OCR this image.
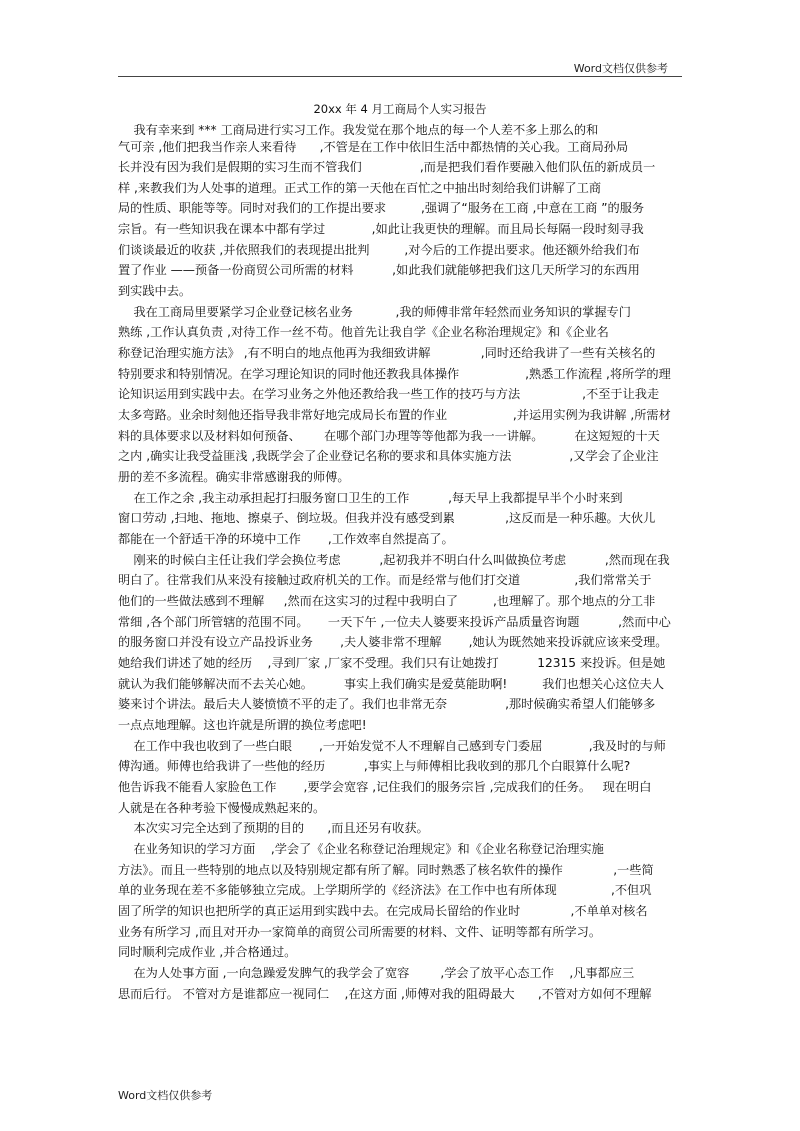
Word文档仅供参考
20xx 年 4 月工商局个人实习报告
我有幸来到 *** 工商局进行实习工作。我发觉在那个地点的每一个人差不多上那么的和
气可亲 ,他们把我当作亲人来看待      ,不管是在工作中依旧生活中都热情的关心我。工商局孙局
长并没有因为我们是假期的实习生而不管我们               ,而是把我们看作要融入他们队伍的新成员一
样 ,来教我们为人处事的道理。正式工作的第一天他在百忙之中抽出时刻给我们讲解了工商
局的性质、职能等等。同时对我们的工作提出要求         ,强调了“服务在工商 ,中意在工商 ”的服务
宗旨。有一些知识我在课本中都有学过            ,如此让我更快的理解。而且局长每隔一段时刻寻我
们谈谈最近的收获 ,并依照我们的表现提出批判         ,对今后的工作提出要求。他还额外给我们布
置了作业 ——预备一份商贸公司所需的材料          ,如此我们就能够把我们这几天所学习的东西用
到实践中去。
我在工商局里要紧学习企业登记核名业务           ,我的师傅非常年轻然而业务知识的掌握专门
熟练 ,工作认真负责 ,对待工作一丝不苟。他首先让我自学《企业名称治理规定》和《企业名
称登记治理实施方法》 ,有不明白的地点他再为我细致讲解             ,同时还给我讲了一些有关核名的
特别要求和特别情况。在学习理论知识的同时他还教我具体操作                 ,熟悉工作流程 ,将所学的理
论知识运用到实践中去。在学习业务之外他还教给我一些工作的技巧与方法                ,不至于让我走
太多弯路。业余时刻他还指导我非常好地完成局长布置的作业                 ,并运用实例为我讲解 ,所需材
料的具体要求以及材料如何预备、      在哪个部门办理等等他都为我一一讲解。        在这短短的十天
之内 ,确实让我受益匪浅 ,我既学会了企业登记名称的要求和具体实施方法               ,又学会了企业注
册的差不多流程。确实非常感谢我的师傅。
在工作之余 ,我主动承担起打扫服务窗口卫生的工作          ,每天早上我都提早半个小时来到
窗口劳动 ,扫地、拖地、擦桌子、倒垃圾。但我并没有感受到累             ,这反而是一种乐趣。大伙儿
都能在一个舒适干净的环境中工作       ,工作效率自然提高了。
刚来的时候白主任让我们学会换位考虑          ,起初我并不明白什么叫做换位考虑          ,然而现在我
明白了。往常我们从来没有接触过政府机关的工作。而是经常与他们打交道              ,我们常常关于
他们的一些做法感到不理解     ,然而在这实习的过程中我明白了         ,也理解了。那个地点的分工非
常细 ,各个部门所管辖的范围不同。     一天下午 ,一位夫人婆要来投诉产品质量咨询题          ,然而中心
的服务窗口并没有设立产品投诉业务       ,夫人婆非常不理解       ,她认为既然她来投诉就应该来受理。
她给我们讲述了她的经历    ,寻到厂家 ,厂家不受理。我们只有让她拨打          12315 来投诉。但是她
就认为我们能够解决而不去关心她。        事实上我们确实是爱莫能助啊!         我们也想关心这位夫人
婆来讨个讲法。最后夫人婆愤愤不平的走了。我们也非常无奈               ,那时候确实希望人们能够多
一点点地理解。这也许就是所谓的换位考虑吧!
在工作中我也收到了一些白眼       ,一开始发觉不人不理解自己感到专门委屈            ,我及时的与师
傅沟通。师傅也给我讲了一些他的经历          ,事实上与师傅相比我收到的那几个白眼算什么呢?
他告诉我不能看人家脸色工作       ,要学会宽容 ,记住我们的服务宗旨 ,完成我们的任务。   现在明白
人就是在各种考验下慢慢成熟起来的。
本次实习完全达到了预期的目的      ,而且还另有收获。
在业务知识的学习方面    ,学会了《企业名称登记治理规定》和《企业名称登记治理实施
方法》。而且一些特别的地点以及特别规定都有所了解。同时熟悉了核名软件的操作             ,一些简
单的业务现在差不多能够独立完成。上学期所学的《经济法》在工作中也有所体现              ,不但巩
固了所学的知识也把所学的真正运用到实践中去。在完成局长留给的作业时             ,不单单对核名
业务有所学习 ,而且对开办一家简单的商贸公司所需要的材料、文件、证明等都有所学习。
同时顺利完成作业 ,并合格通过。
在为人处事方面 ,一向急躁爱发脾气的我学会了宽容        ,学会了放平心态工作    ,凡事都应三
思而后行。 不管对方是谁都应一视同仁    ,在这方面 ,师傅对我的阻碍最大      ,不管对方如何不理解
Word文档仅供参考
